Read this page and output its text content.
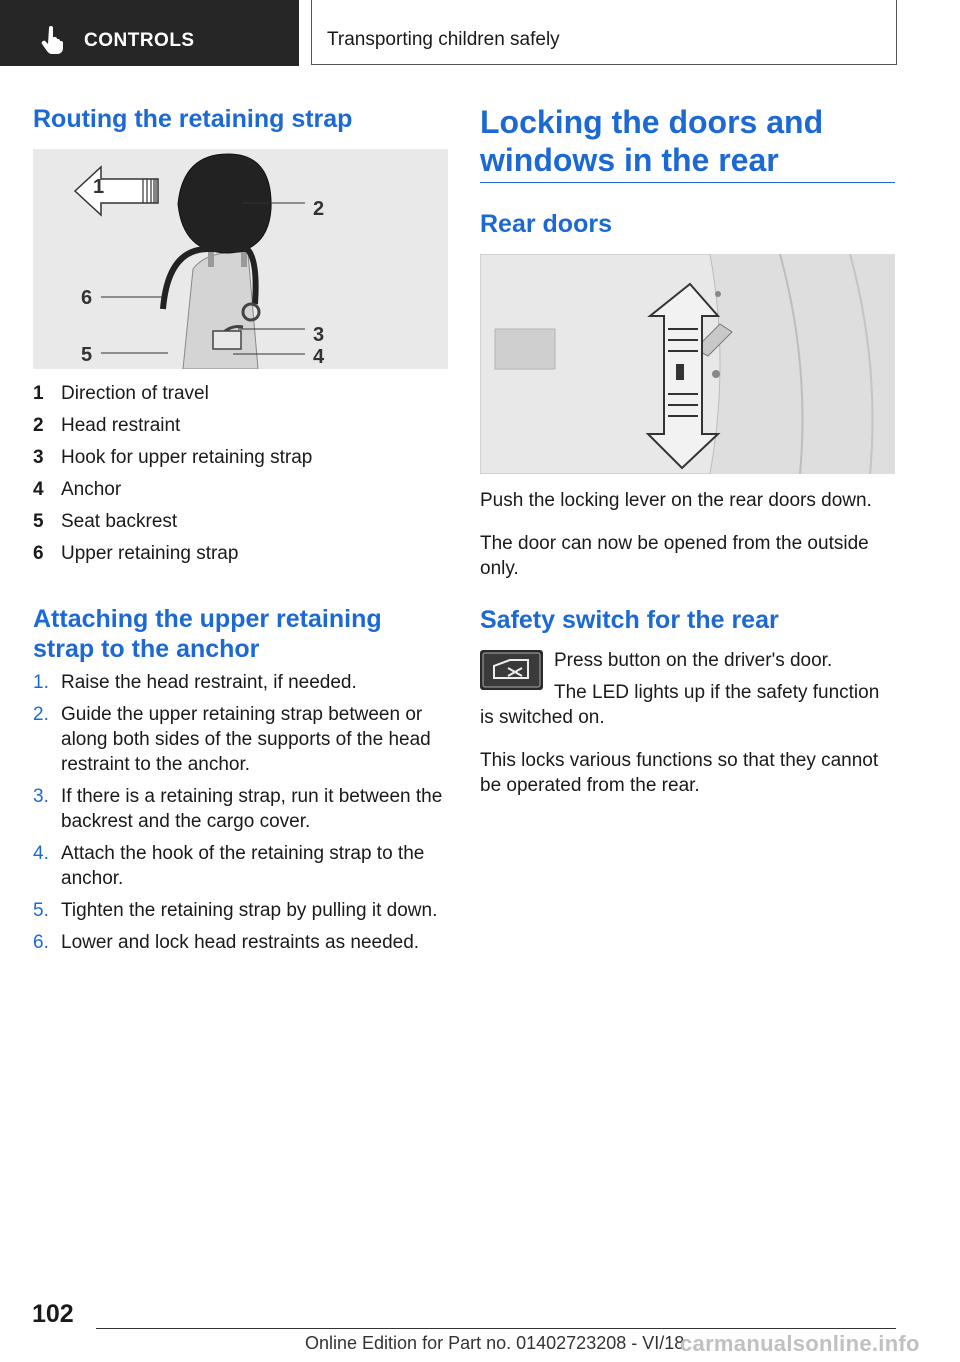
CONTROLS	Transporting children safely
Routing the retaining strap
1
2
3
4
5
6
1 Direction of travel
2 Head restraint
3 Hook for upper retaining strap
4 Anchor
5 Seat backrest
6 Upper retaining strap
Attaching the upper retaining
strap to the anchor
1. Raise the head restraint, if needed.
2. Guide the upper retaining strap between or along both sides of the supports of the head restraint to the anchor.
3. If there is a retaining strap, run it between the backrest and the cargo cover.
4. Attach the hook of the retaining strap to the anchor.
5. Tighten the retaining strap by pulling it down.
6. Lower and lock head restraints as needed.
Locking the doors and
windows in the rear
Rear doors

Push the locking lever on the rear doors down.

The door can now be opened from the outside only.

Safety switch for the rear

Press button on the driver's door.

The LED lights up if the safety function
is switched on.

This locks various functions so that they cannot be operated from the rear.

102
Online Edition for Part no. 01402723208 - VI/18
carmanualsonline.info
